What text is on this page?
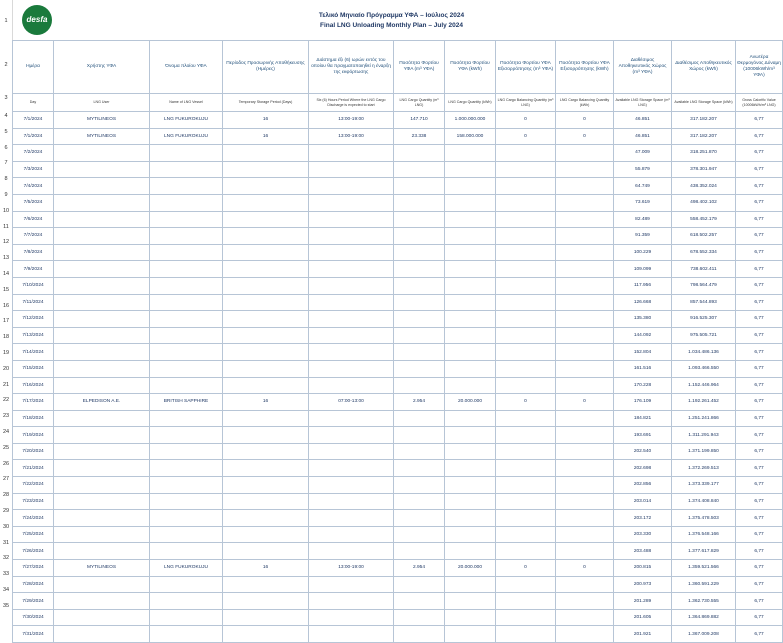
1
2
3
4
5
6
7
8
9
10
11
12
13
14
15
16
17
18
19
20
21
22
23
24
25
26
27
28
29
30
31
32
33
34
35
desfa	Τελικό Μηνιαίο Πρόγραμμα ΥΦΑ – Ιούλιος 2024
Final LNG Unloading Monthly Plan – July 2024
Ημέρα	Χρήστης ΥΦΑ	Όνομα πλοίου ΥΦΑ	Περίοδος Προσωρινής Αποθήκευσης (Ημέρες)	Διάστημα έξι (6) ωρών εντός του οποίου θα πραγματοποιηθεί η έναρξη της εκφόρτωσης	Ποσότητα Φορτίου ΥΦΑ (m³ ΥΦΑ)	Ποσότητα Φορτίου ΥΦΑ (kWh)	Ποσότητα Φορτίου ΥΦΑ Εξισορρόπησης (m³ ΥΦΑ)	Ποσότητα Φορτίου ΥΦΑ Εξισορρόπησης (kWh)	Διαθέσιμος Αποθηκευτικός Χώρος (m³ ΥΦΑ)	Διαθέσιμος Αποθηκευτικός Χώρος (kWh)	Ανωτέρα Θερμογόνος Δύναμη (10006kWh/m³ ΥΦΑ)
Day	LNG User	Name of LNG Vessel	Temporary Storage Period (Days)	Six (6) Hours Period Where the LNG Cargo Discharge is expected to start	LNG Cargo Quantity (m³ LNG)	LNG Cargo Quantity (kWh)	LNG Cargo Balancing Quantity (m³ LNG)	LNG Cargo Balancing Quantity (kWh)	Available LNG Storage Space (m³ LNG)	Available LNG Storage Space (kWh)	Gross Calorific Value (10006kWh/m³ LNG)
7/1/2024	MYTILINEOS	LNG FUKUROKUJU	16	13:00-19:00	147.710	1.000.000.000	0	0	46.851	317.182.207	6,77
7/1/2024	MYTILINEOS	LNG FUKUROKUJU	16	13:00-19:00	23.338	158.000.000	0	0	46.851	317.182.207	6,77
7/2/2024									47.009	318.251.870	6,77
7/3/2024									55.879	378.301.947	6,77
7/4/2024									64.749	438.352.024	6,77
7/5/2024									73.619	498.402.102	6,77
7/6/2024									82.489	558.452.179	6,77
7/7/2024									91.359	618.502.257	6,77
7/8/2024									100.229	678.552.334	6,77
7/9/2024									109.099	738.602.411	6,77
7/10/2024									117.956	798.564.479	6,77
7/11/2024									126.668	857.544.893	6,77
7/12/2024									135.380	916.525.307	6,77
7/13/2024									144.092	975.505.721	6,77
7/14/2024									152.804	1.034.486.136	6,77
7/15/2024									161.516	1.093.466.550	6,77
7/16/2024									170.228	1.152.446.964	6,77
7/17/2024	ELPEDISON A.E.	BRITISH SAPPHIRE	16	07:00-13:00	2.954	20.000.000	0	0	176.109	1.192.261.452	6,77
7/18/2024									184.821	1.251.241.866	6,77
7/19/2024									193.691	1.311.291.943	6,77
7/20/2024									202.540	1.371.199.850	6,77
7/21/2024									202.698	1.372.269.513	6,77
7/22/2024									202.856	1.373.339.177	6,77
7/23/2024									203.014	1.374.408.840	6,77
7/24/2024									203.172	1.375.478.503	6,77
7/25/2024									203.330	1.376.548.166	6,77
7/26/2024									203.488	1.377.617.829	6,77
7/27/2024	MYTILINEOS	LNG FUKUROKUJU	16	13:00-19:00	2.954	20.000.000	0	0	200.815	1.359.521.566	6,77
7/28/2024									200.973	1.360.591.229	6,77
7/29/2024									201.289	1.362.730.555	6,77
7/30/2024									201.605	1.364.869.882	6,77
7/31/2024									201.921	1.367.009.208	6,77
